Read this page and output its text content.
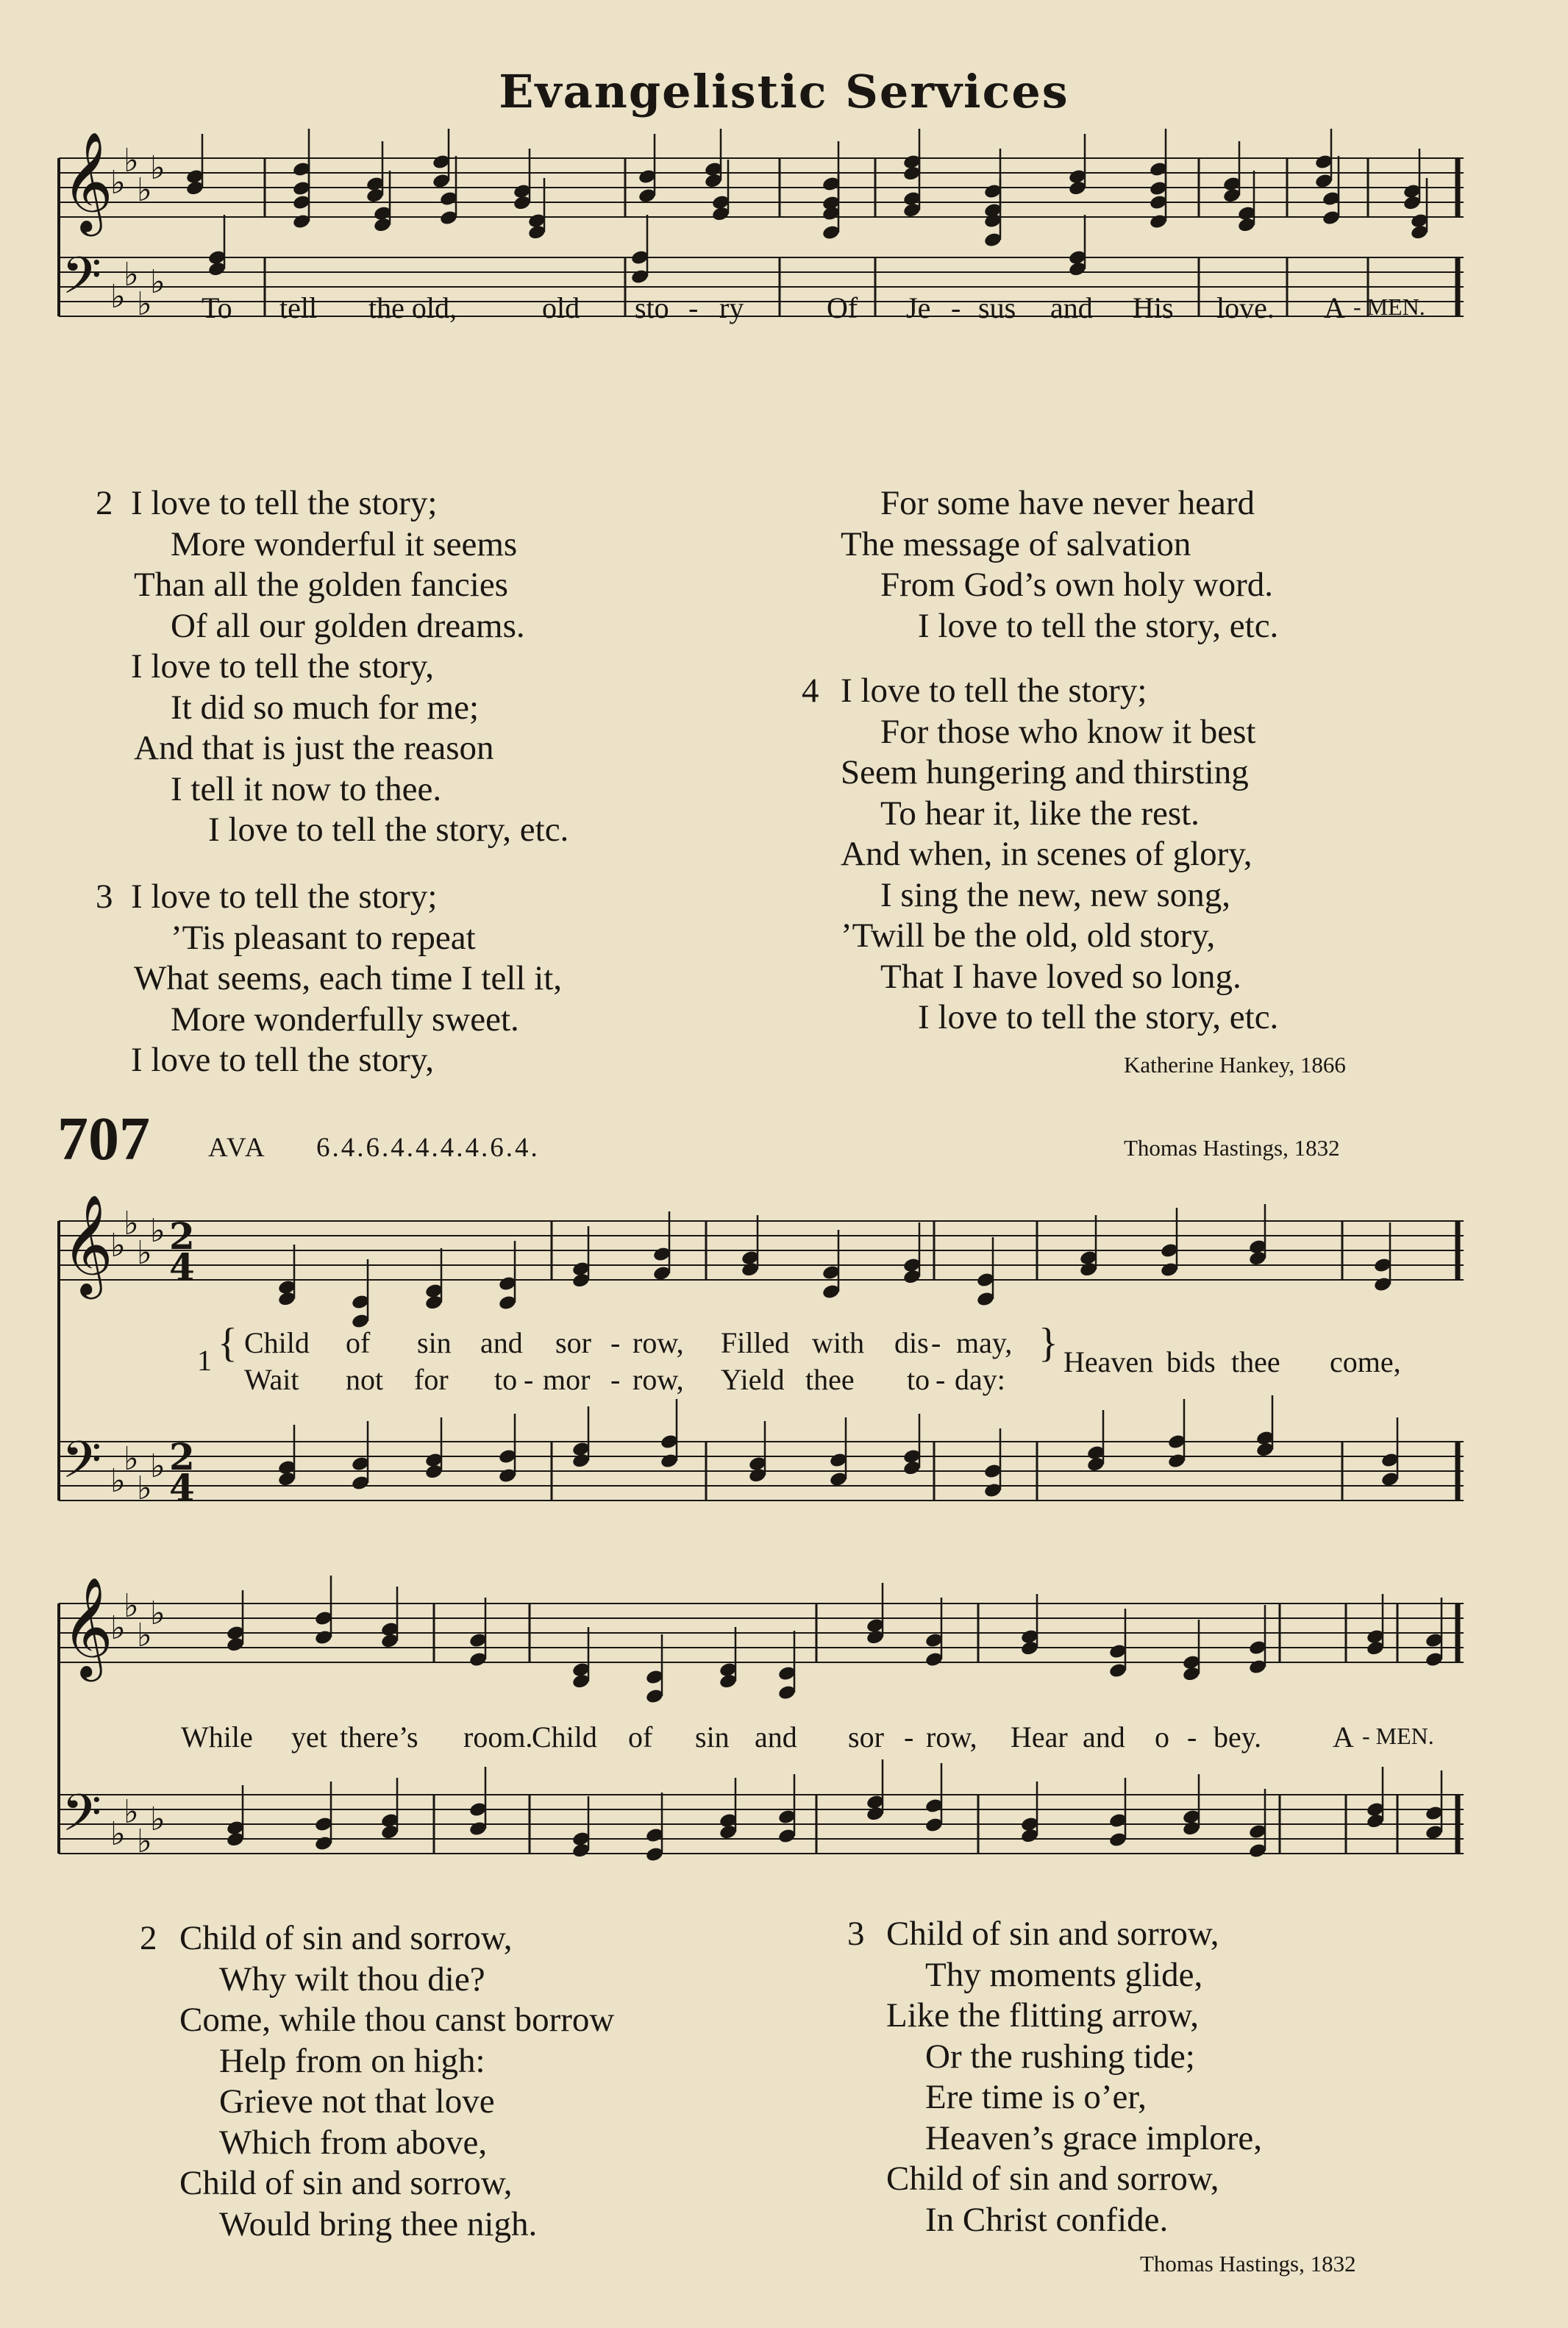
Evangelistic Services
𝄞
𝄢
♭
♭
♭
♭
♭
♭
♭
♭
To tell the old,	old sto - ry	Of Je - sus and His love. A - MEN.
2 I love to tell the story;
More wonderful it seems
Than all the golden fancies
Of all our golden dreams.
I love to tell the story,
It did so much for me;
And that is just the reason
I tell it now to thee.
I love to tell the story, etc.
3 I love to tell the story;
’Tis pleasant to repeat
What seems, each time I tell it,
More wonderfully sweet.
I love to tell the story,
For some have never heard
The message of salvation
From God’s own holy word.
I love to tell the story, etc.
4 I love to tell the story;
For those who know it best
Seem hungering and thirsting
To hear it, like the rest.
And when, in scenes of glory,
I sing the new, new song,
’Twill be the old, old story,
That I have loved so long.
I love to tell the story, etc.
Katherine Hankey, 1866
707 AVA 6.4.6.4.4.4.4.6.4.	Thomas Hastings, 1832
𝄞
𝄢
♭
♭
♭
♭
♭
♭
♭
♭
2
4
2
4
1 { Child of sin and sor - row, Filled with dis - may,
Wait not for to - mor - row, Yield thee to - day:
} Heaven bids thee come,
𝄞
𝄢
♭
♭
♭
♭
♭
♭
♭
♭
While yet there’s room.
Child of sin and sor - row, Hear and o - bey. A - MEN.
2 Child of sin and sorrow,
Why wilt thou die?
Come, while thou canst borrow
Help from on high:
Grieve not that love
Which from above,
Child of sin and sorrow,
Would bring thee nigh.
3 Child of sin and sorrow,
Thy moments glide,
Like the flitting arrow,
Or the rushing tide;
Ere time is o’er,
Heaven’s grace implore,
Child of sin and sorrow,
In Christ confide.
Thomas Hastings, 1832
